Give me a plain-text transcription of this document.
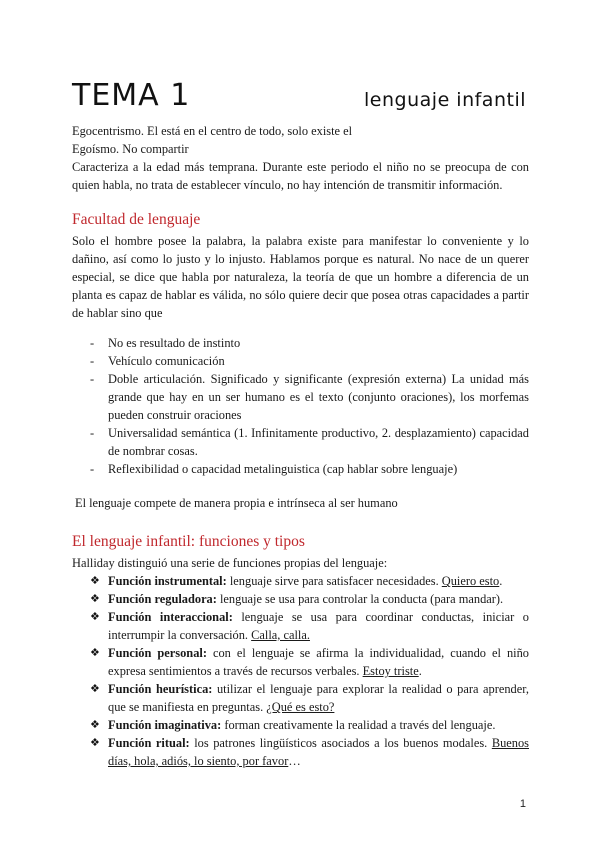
TEMA 1	lenguaje infantil

Egocentrismo. El está en el centro de todo, solo existe el

Egoísmo. No compartir

Caracteriza a la edad más temprana. Durante este periodo el niño no se preocupa de con quien habla, no trata de establecer vínculo, no hay intención de transmitir información.

Facultad de lenguaje

Solo el hombre posee la palabra, la palabra existe para manifestar lo conveniente y lo dañino, así como lo justo y lo injusto. Hablamos porque es natural. No nace de un querer especial, se dice que habla por naturaleza, la teoría de que un hombre a diferencia de un planta es capaz de hablar es válida, no sólo quiere decir que posea otras capacidades a partir de hablar sino que

- No es resultado de instinto
- Vehículo comunicación
- Doble articulación. Significado y significante (expresión externa) La unidad más grande que hay en un ser humano es el texto (conjunto oraciones), los morfemas pueden construir oraciones
- Universalidad semántica (1. Infinitamente productivo, 2. desplazamiento) capacidad de nombrar cosas.
- Reflexibilidad o capacidad metalinguistica (cap hablar sobre lenguaje)

El lenguaje compete de manera propia e intrínseca al ser humano

El lenguaje infantil: funciones y tipos

Halliday distinguió una serie de funciones propias del lenguaje:

❖ Función instrumental: lenguaje sirve para satisfacer necesidades. Quiero esto.
❖ Función reguladora: lenguaje se usa para controlar la conducta (para mandar).
❖ Función interaccional: lenguaje se usa para coordinar conductas, iniciar o interrumpir la conversación. Calla, calla.
❖ Función personal: con el lenguaje se afirma la individualidad, cuando el niño expresa sentimientos a través de recursos verbales. Estoy triste.
❖ Función heurística: utilizar el lenguaje para explorar la realidad o para aprender, que se manifiesta en preguntas. ¿Qué es esto?
❖ Función imaginativa: forman creativamente la realidad a través del lenguaje.
❖ Función ritual: los patrones lingüísticos asociados a los buenos modales. Buenos días, hola, adiós, lo siento, por favor…
1
